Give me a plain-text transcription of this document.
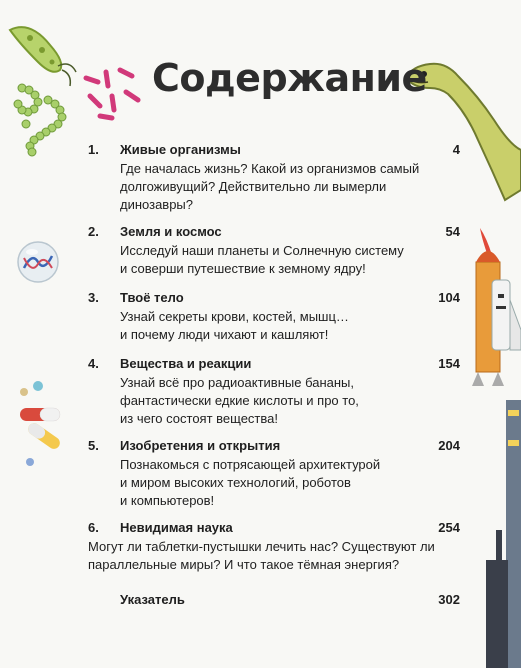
Содержание
1. Живые организмы	4
Где началась жизнь? Какой из организмов самый
долгоживущий? Действительно ли вымерли
динозавры?
2. Земля и космос	54
Исследуй наши планеты и Солнечную систему
и соверши путешествие к земному ядру!
3. Твоё тело	104
Узнай секреты крови, костей, мышц…
и почему люди чихают и кашляют!
4. Вещества и реакции	154
Узнай всё про радиоактивные бананы,
фантастически едкие кислоты и про то,
из чего состоят вещества!
5. Изобретения и открытия	204
Познакомься с потрясающей архитектурой
и миром высоких технологий, роботов
и компьютеров!
6. Невидимая наука	254
Могут ли таблетки-пустышки лечить нас? Существуют ли
параллельные миры? И что такое тёмная энергия?
Указатель	302
